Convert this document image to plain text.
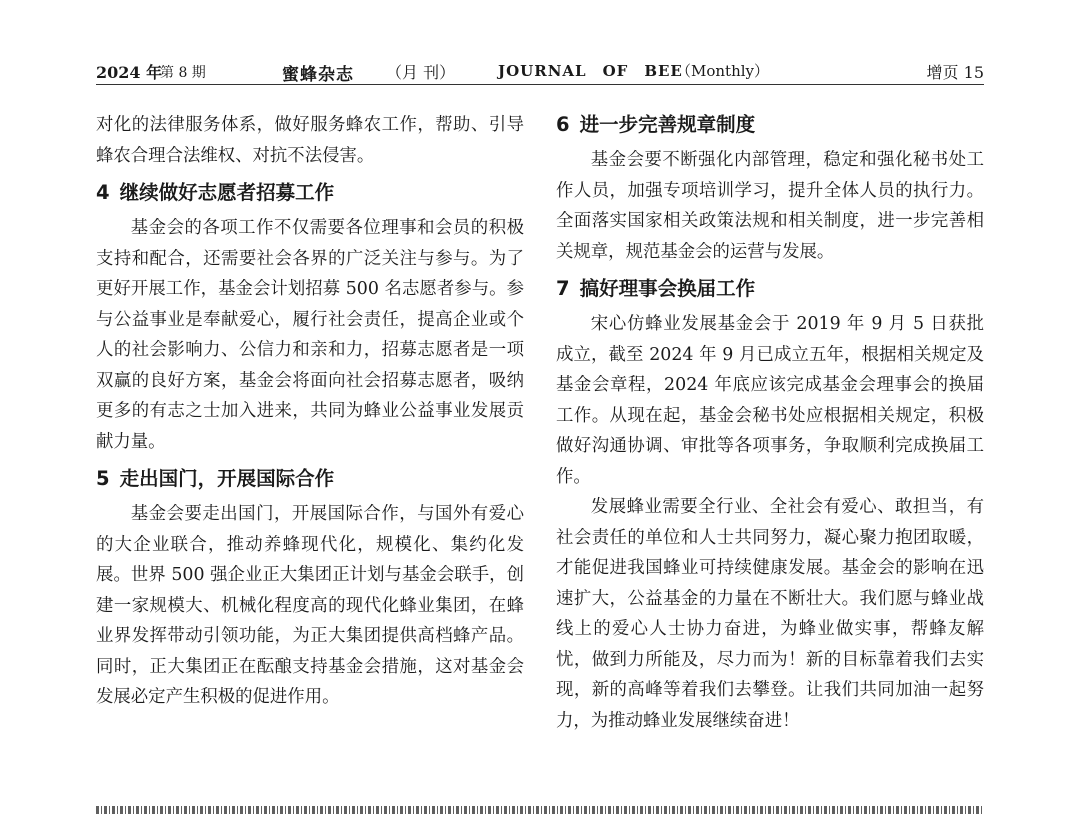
2024 年
第 8 期	蜜蜂杂志 （月 刊）	JOURNAL　OF　BEE
（Monthly）	增页 15

对化的法律服务体系，做好服务蜂农工作，帮助、引导蜂农合理合法维权、对抗不法侵害。

4 继续做好志愿者招募工作

基金会的各项工作不仅需要各位理事和会员的积极支持和配合，还需要社会各界的广泛关注与参与。为了更好开展工作，基金会计划招募 500 名志愿者参与。参与公益事业是奉献爱心，履行社会责任，提高企业或个人的社会影响力、公信力和亲和力，招募志愿者是一项双赢的良好方案，基金会将面向社会招募志愿者，吸纳更多的有志之士加入进来，共同为蜂业公益事业发展贡献力量。

5 走出国门，开展国际合作

基金会要走出国门，开展国际合作，与国外有爱心的大企业联合，推动养蜂现代化，规模化、集约化发展。世界 500 强企业正大集团正计划与基金会联手，创建一家规模大、机械化程度高的现代化蜂业集团，在蜂业界发挥带动引领功能，为正大集团提供高档蜂产品。同时，正大集团正在酝酿支持基金会措施，这对基金会发展必定产生积极的促进作用。

6 进一步完善规章制度

基金会要不断强化内部管理，稳定和强化秘书处工作人员，加强专项培训学习，提升全体人员的执行力。全面落实国家相关政策法规和相关制度，进一步完善相关规章，规范基金会的运营与发展。

7 搞好理事会换届工作

宋心仿蜂业发展基金会于 2019 年 9 月 5 日获批成立，截至 2024 年 9 月已成立五年，根据相关规定及基金会章程，2024 年底应该完成基金会理事会的换届工作。从现在起，基金会秘书处应根据相关规定，积极做好沟通协调、审批等各项事务，争取顺利完成换届工作。

发展蜂业需要全行业、全社会有爱心、敢担当，有社会责任的单位和人士共同努力，凝心聚力抱团取暖，才能促进我国蜂业可持续健康发展。基金会的影响在迅速扩大，公益基金的力量在不断壮大。我们愿与蜂业战线上的爱心人士协力奋进，为蜂业做实事，帮蜂友解忧，做到力所能及，尽力而为！新的目标靠着我们去实现，新的高峰等着我们去攀登。让我们共同加油一起努力，为推动蜂业发展继续奋进！
